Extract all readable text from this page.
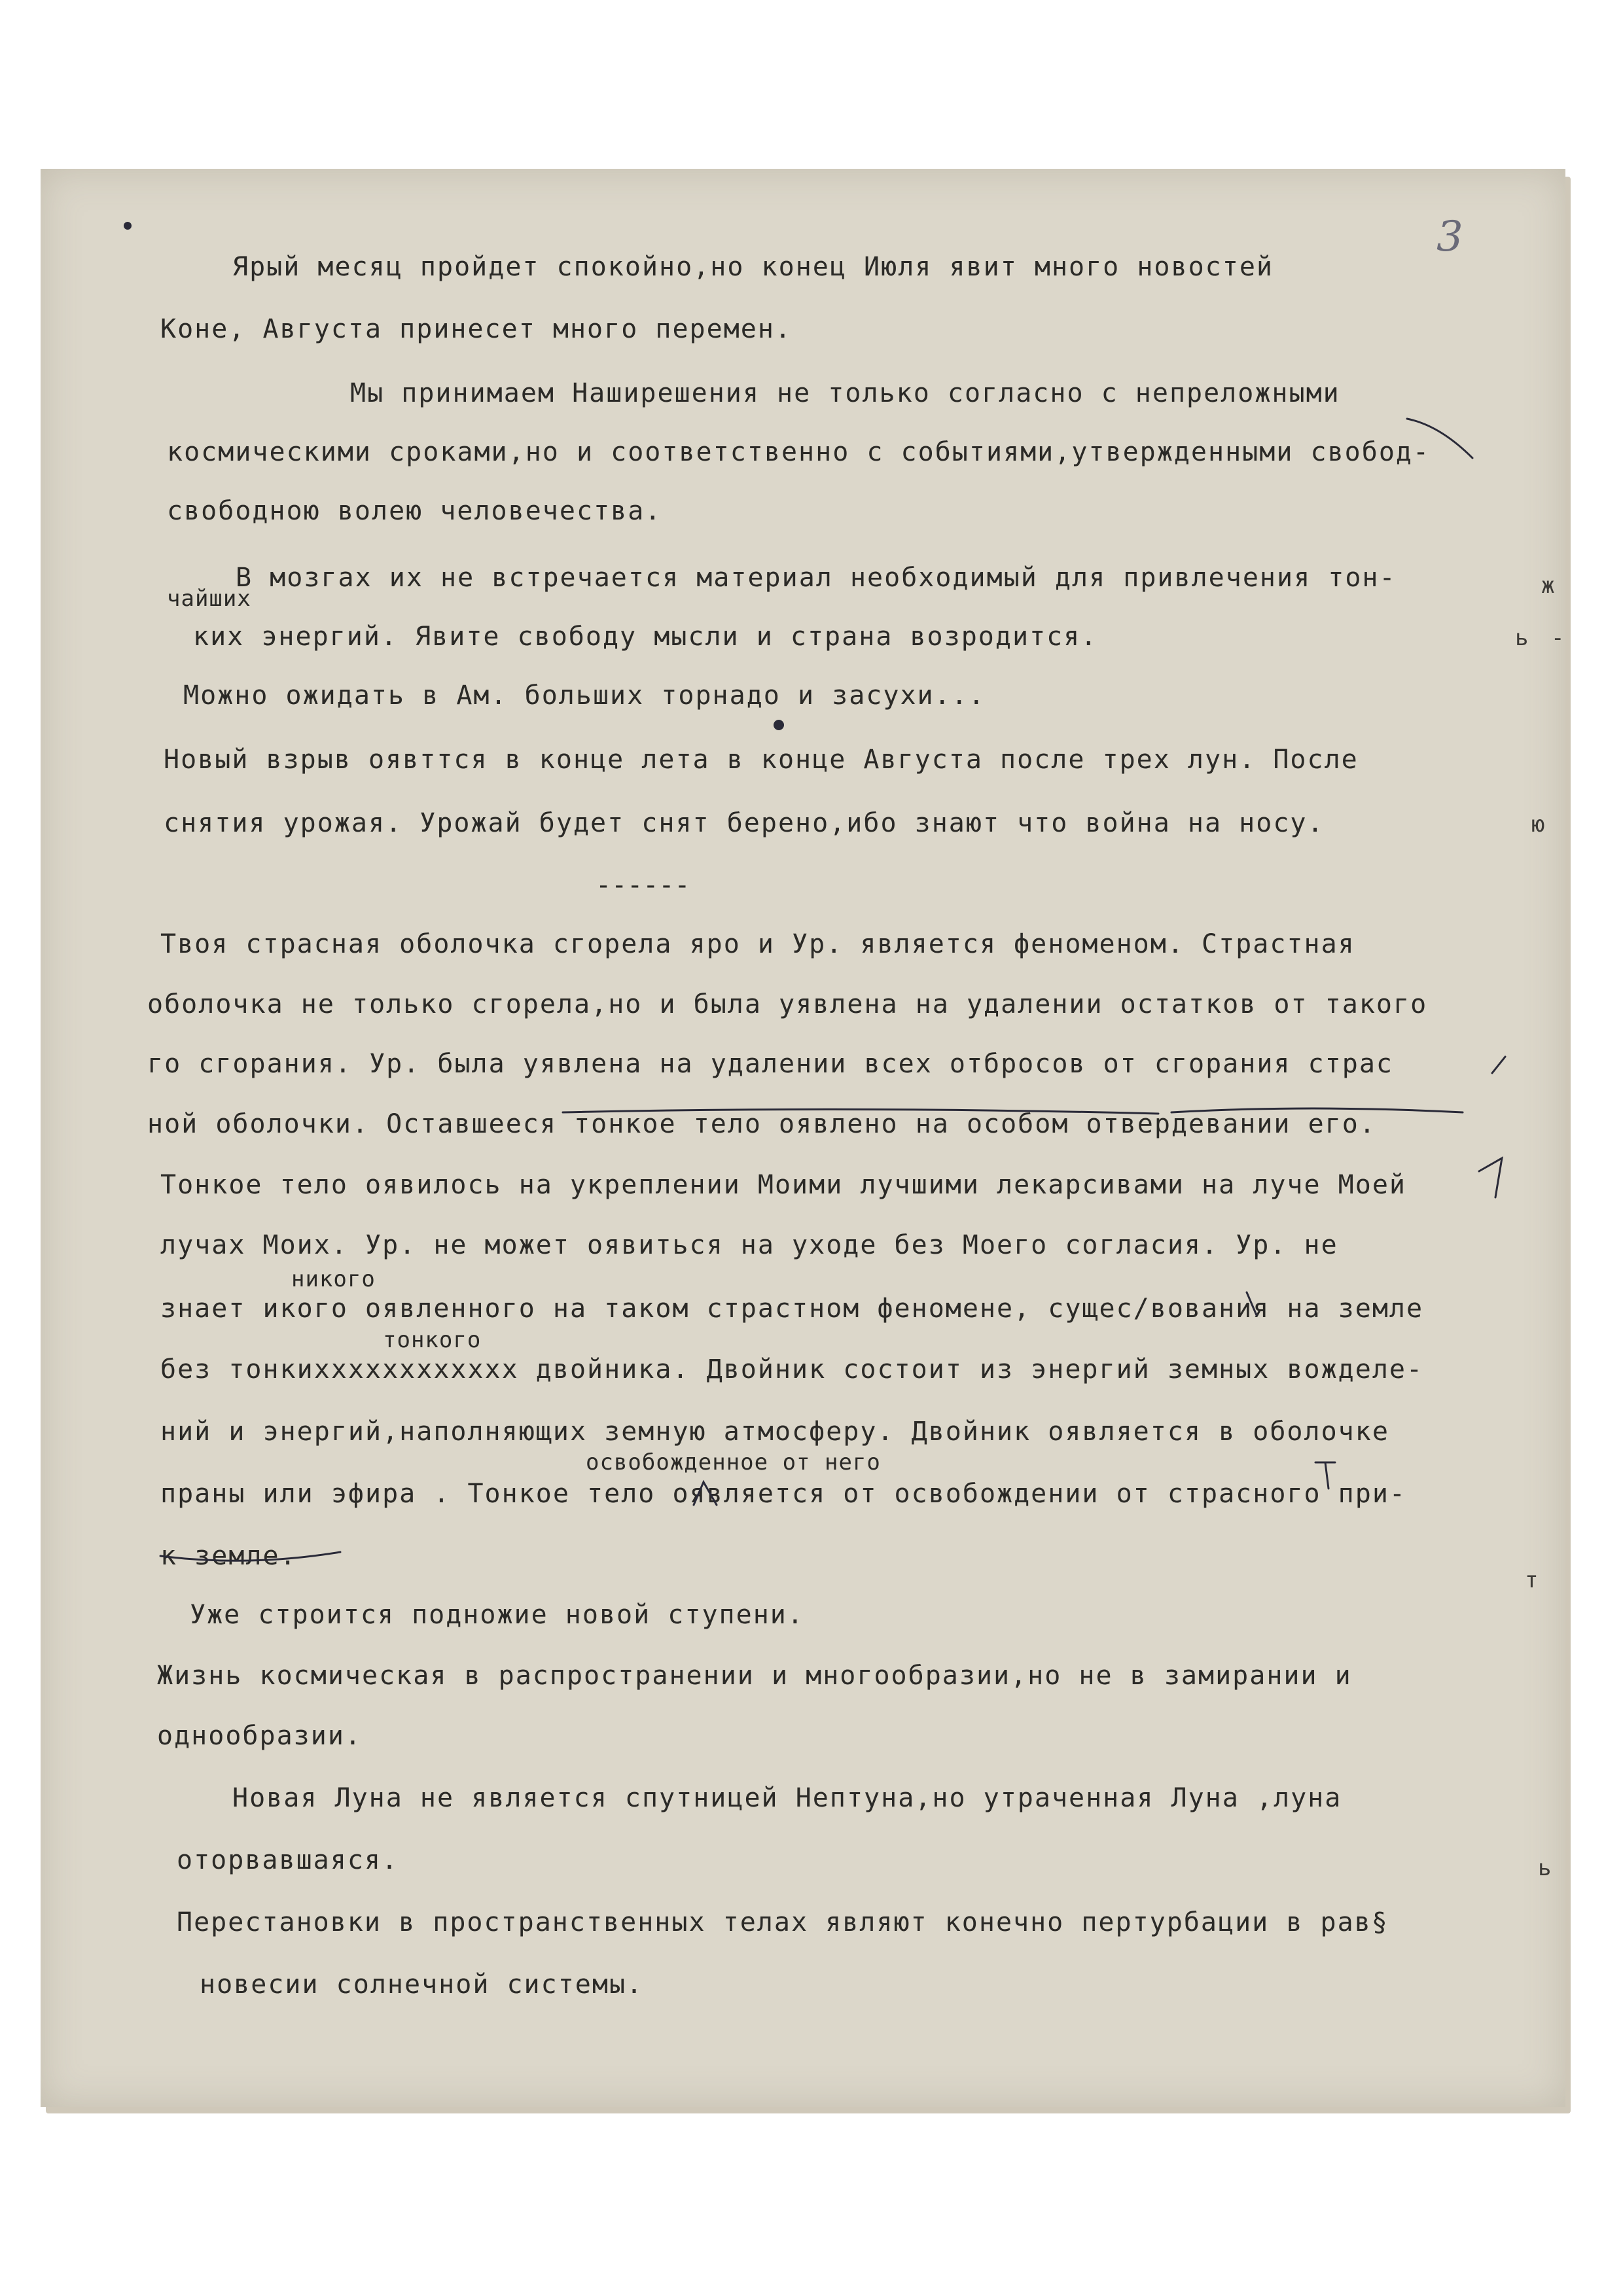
3
Ярый месяц пройдет спокойно,но конец Июля явит много новостей
Коне, Августа принесет много перемен.
Мы принимаем Наширешения не только согласно с непреложными
космическими сроками,но и соответственно с событиями,утвержденными свобод-
свободною волею человечества.
В мозгах их не встречается материал необходимый для привлечения тон-
ких энергий. Явите свободу мысли и страна возродится.
Можно ожидать в Ам. больших торнадо и засухи...
Новый взрыв оявттся в конце лета в конце Августа после трех лун. После
снятия урожая. Урожай будет снят берено,ибо знают что война на носу.
------
Твоя страсная оболочка сгорела ярo и Ур. является феноменом. Страстная
оболочка не только сгорела,но и была уявлена на удалении остатков от такого
го сгорания. Ур. была уявлена на удалении всех отбросов от сгорания страс
ной оболочки. Оставшееся тонкое тело оявлено на особом отвердевании его.
Тонкое тело оявилось на укреплении Моими лучшими лекарсивами на луче Моей
лучах Моих. Ур. не может оявиться на уходе без Моего согласия. Ур. не
знает икого оявленного на таком страстном феномене, сущес/вования на земле
без тонкихххххххххххх двойника. Двойник состоит из энергий земных вожделе-
ний и энергий,наполняющих земную атмосферу. Двойник оявляется в оболочке
праны или эфира . Тонкое тело оявляется от освобождении от страсного при-
к земле.
Уже строится подножие новой ступени.
Жизнь космическая в распространении и многообразии,но не в замирании и
однообразии.
Новая Луна не является спутницей Нептуна,но утраченная Луна ,луна
оторвавшаяся.
Перестановки в пространственных телах являют конечно пертурбации в рав§
новесии солнечной системы.
чайших
никого
тонкого
освобожденное от него
ж
ь -
ю
т
ь
